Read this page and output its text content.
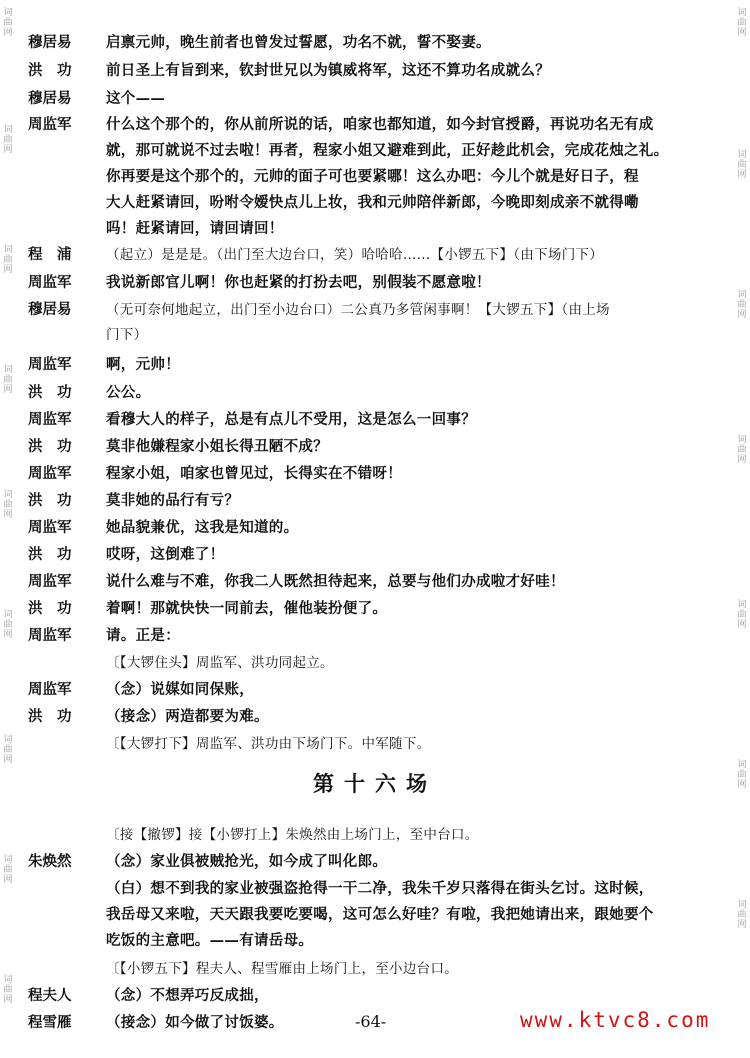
词曲网
词曲网
词曲网
词曲网
词曲网
词曲网
词曲网
词曲网
词曲网
词曲网
词曲网
词曲网
词曲网
词曲网
词曲网
词曲网
穆居易	启禀元帅，晚生前者也曾发过誓愿，功名不就，誓不娶妻。
洪　功	前日圣上有旨到来，钦封世兄以为镇威将军，这还不算功名成就么？
穆居易	这个——
周监军	什么这个那个的，你从前所说的话，咱家也都知道，如今封官授爵，再说功名无有成
就，那可就说不过去啦！再者，程家小姐又避难到此，正好趁此机会，完成花烛之礼。
你再要是这个那个的，元帅的面子可也要紧哪！这么办吧：今儿个就是好日子，程
大人赶紧请回，吩咐令嫒快点儿上妆，我和元帅陪伴新郎，今晚即刻成亲不就得嘞
吗！赶紧请回，请回请回！
程　浦	（起立）是是是。（出门至大边台口，笑）哈哈哈……【小锣五下】（由下场门下）
周监军	我说新郎官儿啊！你也赶紧的打扮去吧，别假装不愿意啦！
穆居易	（无可奈何地起立，出门至小边台口）二公真乃多管闲事啊！【大锣五下】（由上场
门下）
周监军	啊，元帅！
洪　功	公公。
周监军	看穆大人的样子，总是有点儿不受用，这是怎么一回事？
洪　功	莫非他嫌程家小姐长得丑陋不成？
周监军	程家小姐，咱家也曾见过，长得实在不错呀！
洪　功	莫非她的品行有亏？
周监军	她品貌兼优，这我是知道的。
洪　功	哎呀，这倒难了！
周监军	说什么难与不难，你我二人既然担待起来，总要与他们办成啦才好哇！
洪　功	着啊！那就快快一同前去，催他装扮便了。
周监军	请。正是：
〔【大锣住头】周监军、洪功同起立。
周监军	（念）说媒如同保账，
洪　功	（接念）两造都要为难。
〔【大锣打下】周监军、洪功由下场门下。中军随下。
第十六场
〔接【撤锣】接【小锣打上】朱焕然由上场门上，至中台口。
朱焕然	（念）家业俱被贼抢光，如今成了叫化郎。
（白）想不到我的家业被强盗抢得一干二净，我朱千岁只落得在街头乞讨。这时候，
我岳母又来啦，天天跟我要吃要喝，这可怎么好哇？有啦，我把她请出来，跟她要个
吃饭的主意吧。——有请岳母。
〔【小锣五下】程夫人、程雪雁由上场门上，至小边台口。
程夫人	（念）不想弄巧反成拙，
程雪雁	（接念）如今做了讨饭婆。	-64-	www.ktvc8.com
